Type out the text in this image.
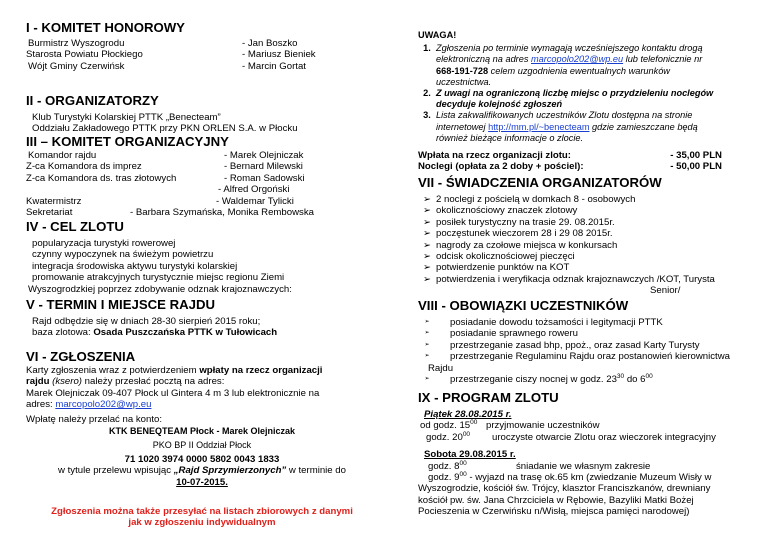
I - KOMITET HONOROWY
Burmistrz Wyszogrodu	- Jan Boszko
Starosta Powiatu Płockiego	- Mariusz Bieniek
Wójt Gminy Czerwińsk	- Marcin Gortat
II - ORGANIZATORZY
Klub Turystyki Kolarskiej PTTK „Benecteam”
Oddziału Zakładowego PTTK przy PKN ORLEN S.A. w Płocku
III – KOMITET ORGANIZACYJNY
Komandor rajdu	- Marek Olejniczak
Z-ca Komandora ds imprez	- Bernard Milewski
Z-ca Komandora ds. tras złotowych	- Roman Sadowski
- Alfred Orgoński
Kwatermistrz	- Waldemar Tylicki
Sekretariat	- Barbara Szymańska, Monika Rembowska
IV - CEL ZLOTU
popularyzacja turystyki rowerowej
czynny wypoczynek na świeżym powietrzu
integracja środowiska aktywu turystyki kolarskiej
promowanie atrakcyjnych turystycznie miejsc regionu Ziemi
Wyszogrodzkiej poprzez zdobywanie odznak krajoznawczych:
V - TERMIN I MIEJSCE RAJDU
Rajd odbędzie się w dniach 28-30 sierpień 2015 roku;
baza zlotowa: Osada Puszczańska PTTK w Tułowicach
VI - ZGŁOSZENIA
Karty zgłoszenia wraz z potwierdzeniem wpłaty na rzecz organizacji
rajdu (ksero) należy przesłać pocztą na adres:
Marek Olejniczak 09-407 Płock ul Gintera 4 m 3 lub elektronicznie na
adres: marcopolo202@wp.eu
Wpłatę należy przelać na konto:
KTK BENEQTEAM Płock - Marek Olejniczak
PKO BP II Oddział Płock
71 1020 3974 0000 5802 0043 1833
w tytule przelewu wpisując „Rajd Sprzymierzonych” w terminie do
10-07-2015.
Zgłoszenia można także przesyłać na listach zbiorowych z danymi
jak w zgłoszeniu indywidualnym
UWAGA!
1. Zgłoszenia po terminie wymagają wcześniejszego kontaktu drogą
elektroniczną na adres marcopolo202@wp.eu lub telefonicznie nr
668-191-728 celem uzgodnienia ewentualnych warunków
uczestnictwa.
2. Z uwagi na ograniczoną liczbę miejsc o przydzieleniu noclegów
decyduje kolejność zgłoszeń
3. Lista zakwalifikowanych uczestników Zlotu dostępna na stronie
internetowej http://mm.pl/~benecteam gdzie zamieszczane będą
również bieżące informacje o zlocie.
Wpłata na rzecz organizacji zlotu:	- 35,00 PLN
Noclegi (opłata za 2 doby + pościel):	- 50,00 PLN
VII - ŚWIADCZENIA ORGANIZATORÓW
➢ 2 noclegi z pościelą w domkach 8 - osobowych
➢ okolicznościowy znaczek zlotowy
➢ posiłek turystyczny na trasie 29. 08.2015r.
➢ poczęstunek wieczorem 28 i 29 08 2015r.
➢ nagrody za czołowe miejsca w konkursach
➢ odcisk okolicznościowej pieczęci
➢ potwierdzenie punktów na KOT
➢ potwierdzenia i weryfikacja odznak krajoznawczych /KOT, Turysta
Senior/
VIII - OBOWIĄZKI UCZESTNIKÓW
➢	posiadanie dowodu tożsamości i legitymacji PTTK
➢	posiadanie sprawnego roweru
➢	przestrzeganie zasad bhp, ppoż., oraz zasad Karty Turysty
➢	przestrzeganie Regulaminu Rajdu oraz postanowień kierownictwa
Rajdu
➢	przestrzeganie ciszy nocnej w godz. $23^{30}$ do $6^{00}$
IX - PROGRAM ZLOTU
Piątek 28.08.2015 r.
od godz. $15^{00}$ przyjmowanie uczestników
godz. $20^{00}$	uroczyste otwarcie Zlotu oraz wieczorek integracyjny
Sobota 29.08.2015 r.
godz. $8^{00}$	śniadanie we własnym zakresie
godz. $9^{00}$ - wyjazd na trasę ok.65 km (zwiedzanie Muzeum Wisły w
Wyszogrodzie, kościół św. Trójcy, klasztor Franciszkanów, drewniany
kościół pw. św. Jana Chrzciciela w Rębowie, Bazyliki Matki Bożej
Pocieszenia w Czerwińsku n/Wisłą, miejsca pamięci narodowej)
